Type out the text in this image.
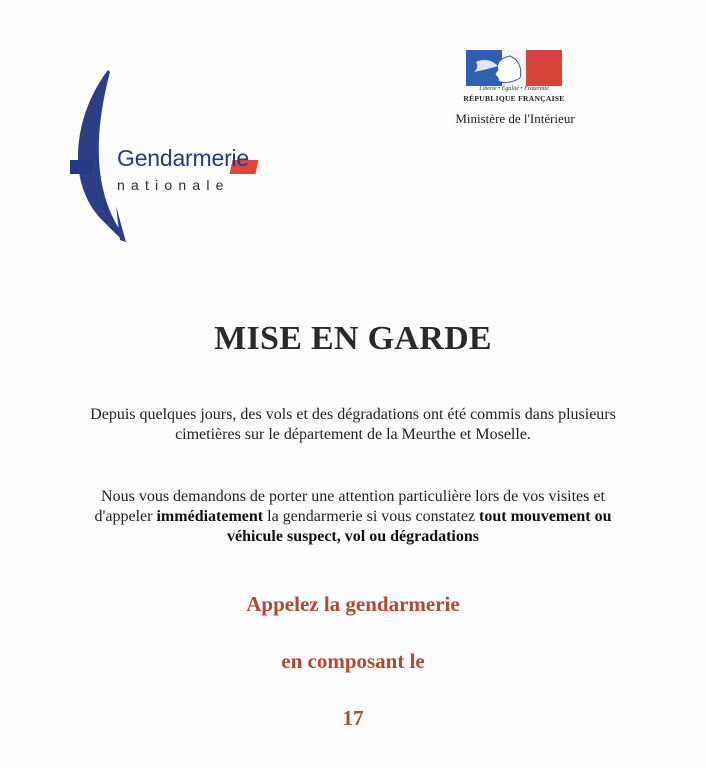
Gendarmerie
nationale
Liberté • Égalité • Fraternité
RÉPUBLIQUE FRANÇAISE
Ministère de l'Intérieur
MISE EN GARDE
Depuis quelques jours, des vols et des dégradations ont été commis dans plusieurs
cimetières sur le département de la Meurthe et Moselle.
Nous vous demandons de porter une attention particulière lors de vos visites et
d'appeler immédiatement la gendarmerie si vous constatez tout mouvement ou
véhicule suspect, vol ou dégradations
Appelez la gendarmerie
en composant le
17
